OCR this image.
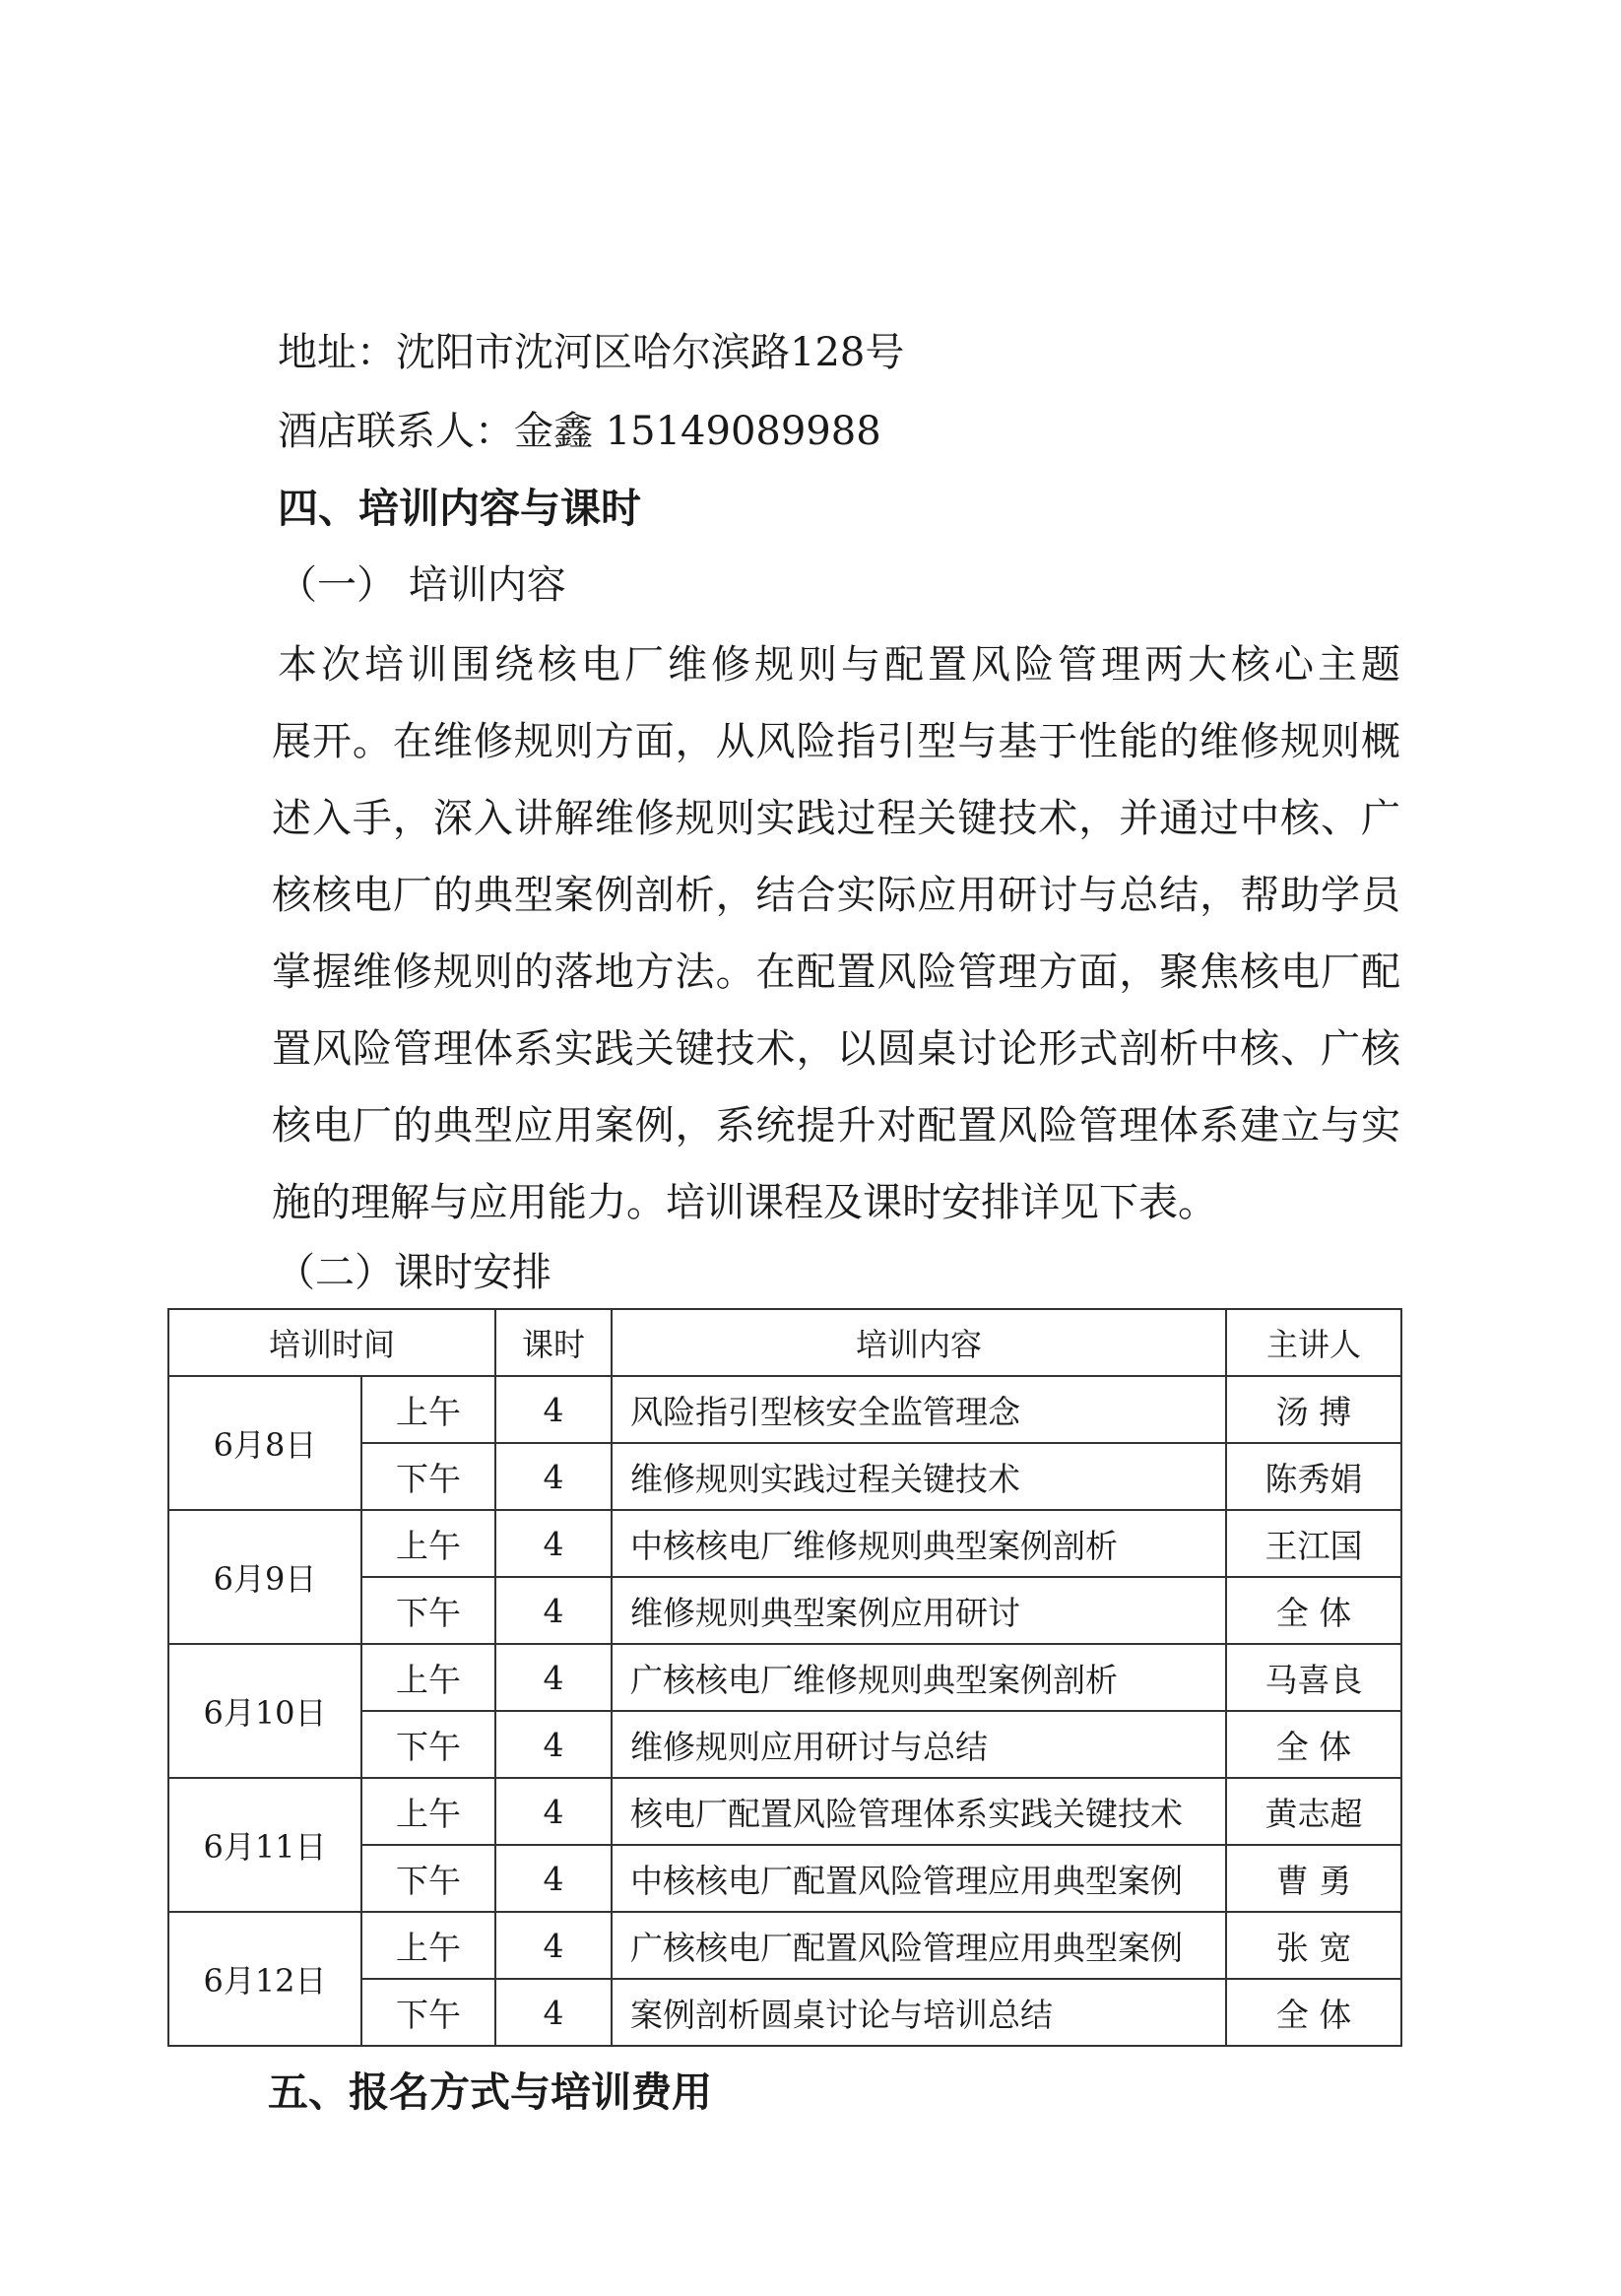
地址：沈阳市沈河区哈尔滨路128号
酒店联系人：金鑫 15149089988
四、培训内容与课时
（一） 培训内容
本次培训围绕核电厂维修规则与配置风险管理两大核心主题
展开。在维修规则方面，从风险指引型与基于性能的维修规则概
述入手，深入讲解维修规则实践过程关键技术，并通过中核、广
核核电厂的典型案例剖析，结合实际应用研讨与总结，帮助学员
掌握维修规则的落地方法。在配置风险管理方面，聚焦核电厂配
置风险管理体系实践关键技术，以圆桌讨论形式剖析中核、广核
核电厂的典型应用案例，系统提升对配置风险管理体系建立与实
施的理解与应用能力。培训课程及课时安排详见下表。
（二）课时安排
培训时间		课时	培训内容	主讲人
6月8日	上午	4	风险指引型核安全监管理念	汤 搏
	下午	4	维修规则实践过程关键技术	陈秀娟
6月9日	上午	4	中核核电厂维修规则典型案例剖析	王江国
	下午	4	维修规则典型案例应用研讨	全 体
6月10日	上午	4	广核核电厂维修规则典型案例剖析	马喜良
	下午	4	维修规则应用研讨与总结	全 体
6月11日	上午	4	核电厂配置风险管理体系实践关键技术	黄志超
	下午	4	中核核电厂配置风险管理应用典型案例	曹 勇
6月12日	上午	4	广核核电厂配置风险管理应用典型案例	张 宽
	下午	4	案例剖析圆桌讨论与培训总结	全 体
五、报名方式与培训费用
